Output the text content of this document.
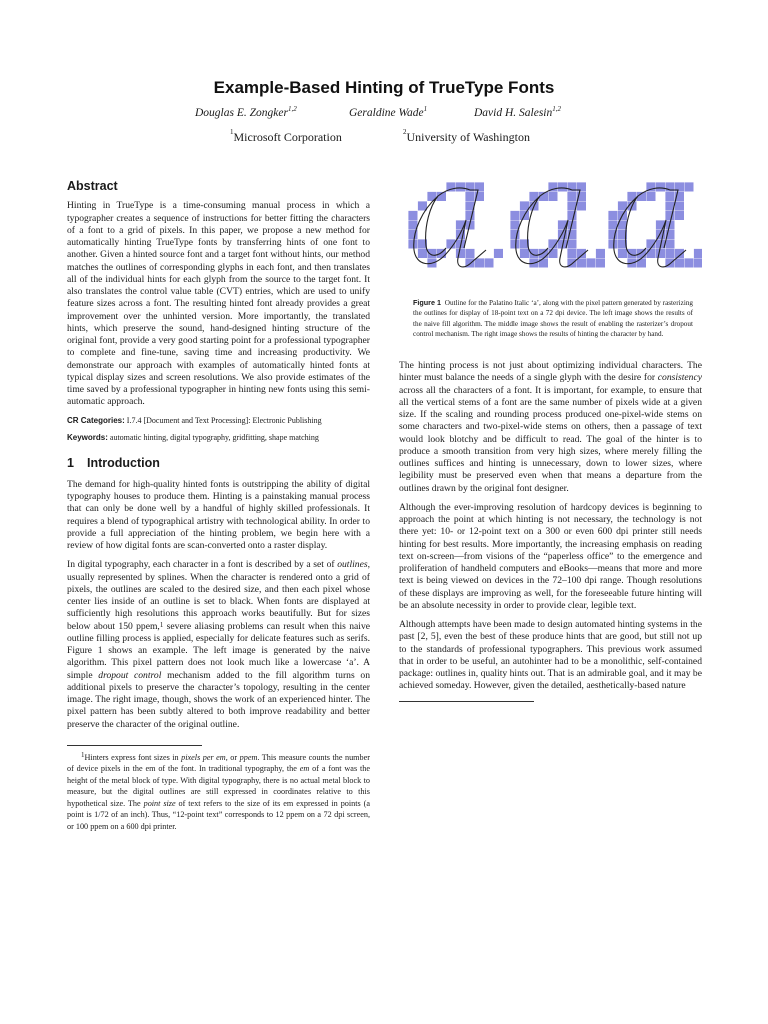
Example-Based Hinting of TrueType Fonts
Douglas E. Zongker$^{1,2}$	Geraldine Wade$^1$	David H. Salesin$^{1,2}$
$^1$Microsoft Corporation	$^2$University of Washington
Abstract

Hinting in TrueType is a time-consuming manual process in which a typographer creates a sequence of instructions for better fitting the characters of a font to a grid of pixels. In this paper, we propose a new method for automatically hinting TrueType fonts by transferring hints of one font to another. Given a hinted source font and a target font without hints, our method matches the outlines of corresponding glyphs in each font, and then translates all of the individual hints for each glyph from the source to the target font. It also translates the control value table (CVT) entries, which are used to unify feature sizes across a font. The resulting hinted font already provides a great improvement over the unhinted version. More importantly, the translated hints, which preserve the sound, hand-designed hinting structure of the original font, provide a very good starting point for a professional typographer to complete and fine-tune, saving time and increasing productivity. We demonstrate our approach with examples of automatically hinted fonts at typical display sizes and screen resolutions. We also provide estimates of the time saved by a professional typographer in hinting new fonts using this semi-automatic approach.

CR Categories: I.7.4 [Document and Text Processing]: Electronic Publishing

Keywords: automatic hinting, digital typography, gridfitting, shape matching

1 Introduction

The demand for high-quality hinted fonts is outstripping the ability of digital typography houses to produce them. Hinting is a painstaking manual process that can only be done well by a handful of highly skilled professionals. It requires a blend of typographical artistry with technological ability. In order to provide a full appreciation of the hinting problem, we begin here with a review of how digital fonts are scan-converted onto a raster display.

In digital typography, each character in a font is described by a set of outlines, usually represented by splines. When the character is rendered onto a grid of pixels, the outlines are scaled to the desired size, and then each pixel whose center lies inside of an outline is set to black. When fonts are displayed at sufficiently high resolutions this approach works beautifully. But for sizes below about 150 ppem,$^1$ severe aliasing problems can result when this naive outline filling process is applied, especially for delicate features such as serifs. Figure 1 shows an example. The left image is generated by the naive algorithm. This pixel pattern does not look much like a lowercase ‘a’. A simple dropout control mechanism added to the fill algorithm turns on additional pixels to preserve the character’s topology, resulting in the center image. The right image, though, shows the work of an experienced hinter. The pixel pattern has been subtly altered to both improve readability and better preserve the character of the original outline.

$^1$Hinters express font sizes in pixels per em, or ppem. This measure counts the number of device pixels in the em of the font. In traditional typography, the em of a font was the height of the metal block of type. With digital typography, there is no actual metal block to measure, but the digital outlines are still expressed in coordinates relative to this hypothetical size. The point size of text refers to the size of its em expressed in points (a point is 1/72 of an inch). Thus, “12-point text” corresponds to 12 ppem on a 72 dpi screen, or 100 ppem on a 600 dpi printer.
Figure 1 Outline for the Palatino Italic ‘a’, along with the pixel pattern generated by rasterizing the outlines for display of 18-point text on a 72 dpi device. The left image shows the results of the naive fill algorithm. The middle image shows the result of enabling the rasterizer’s dropout control mechanism. The right image shows the results of hinting the character by hand.

The hinting process is not just about optimizing individual characters. The hinter must balance the needs of a single glyph with the desire for consistency across all the characters of a font. It is important, for example, to ensure that all the vertical stems of a font are the same number of pixels wide at a given size. If the scaling and rounding process produced one-pixel-wide stems on some characters and two-pixel-wide stems on others, then a passage of text would look blotchy and be difficult to read. The goal of the hinter is to produce a smooth transition from very high sizes, where merely filling the outlines suffices and hinting is unnecessary, down to lower sizes, where legibility must be preserved even when that means a departure from the outlines drawn by the original font designer.

Although the ever-improving resolution of hardcopy devices is beginning to approach the point at which hinting is not necessary, the technology is not there yet: 10- or 12-point text on a 300 or even 600 dpi printer still needs hinting for best results. More importantly, the increasing emphasis on reading text on-screen—from visions of the “paperless office” to the emergence and proliferation of handheld computers and eBooks—means that more and more text is being viewed on devices in the 72–100 dpi range. Though resolutions of these displays are improving as well, for the foreseeable future hinting will be an absolute necessity in order to provide clear, legible text.

Although attempts have been made to design automated hinting systems in the past [2, 5], even the best of these produce hints that are good, but still not up to the standards of professional typographers. This previous work assumed that in order to be useful, an autohinter had to be a monolithic, self-contained package: outlines in, quality hints out. That is an admirable goal, and it may be achieved someday. However, given the detailed, aesthetically-based nature
